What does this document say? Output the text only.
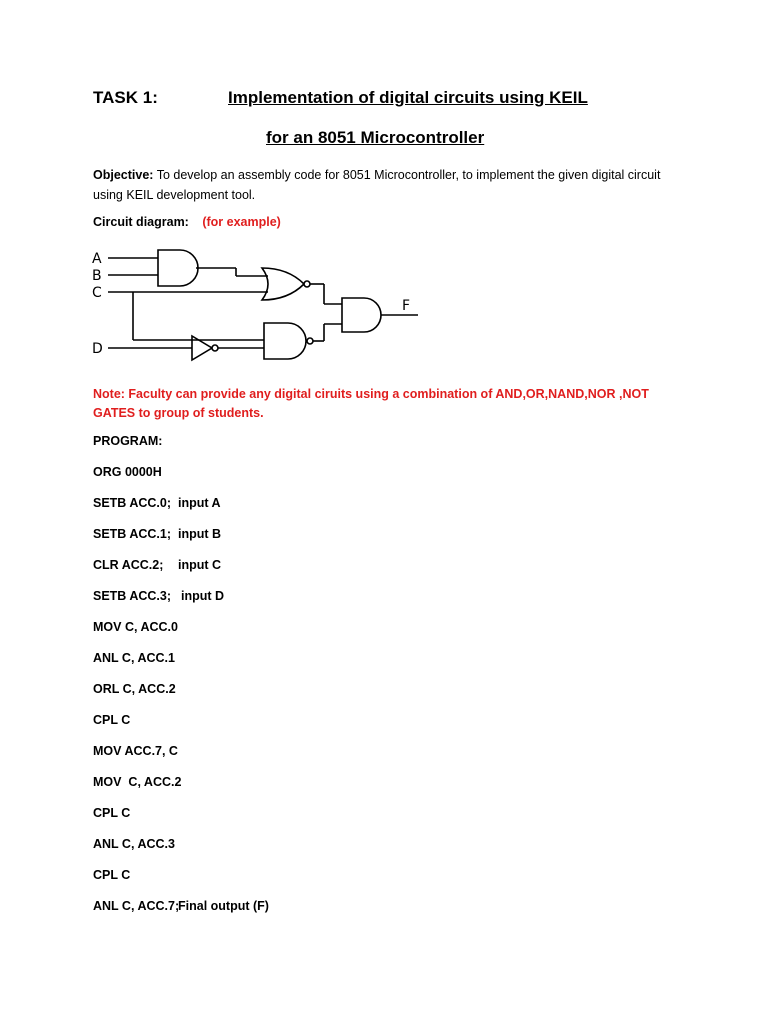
TASK 1:	Implementation of digital circuits using KEIL
for an 8051 Microcontroller
Objective: To develop an assembly code for 8051 Microcontroller, to implement the given digital circuit using KEIL development tool.
Circuit diagram: (for example)
A
B
C
D
F
Note: Faculty can provide any digital ciruits using a combination of AND,OR,NAND,NOR ,NOT GATES to group of students.
PROGRAM:
ORG 0000H
SETB ACC.0; input A
SETB ACC.1; input B
CLR ACC.2; input C
SETB ACC.3; input D
MOV C, ACC.0
ANL C, ACC.1
ORL C, ACC.2
CPL C
MOV ACC.7, C
MOV  C, ACC.2
CPL C
ANL C, ACC.3
CPL C
ANL C, ACC.7;
Final output (F)
